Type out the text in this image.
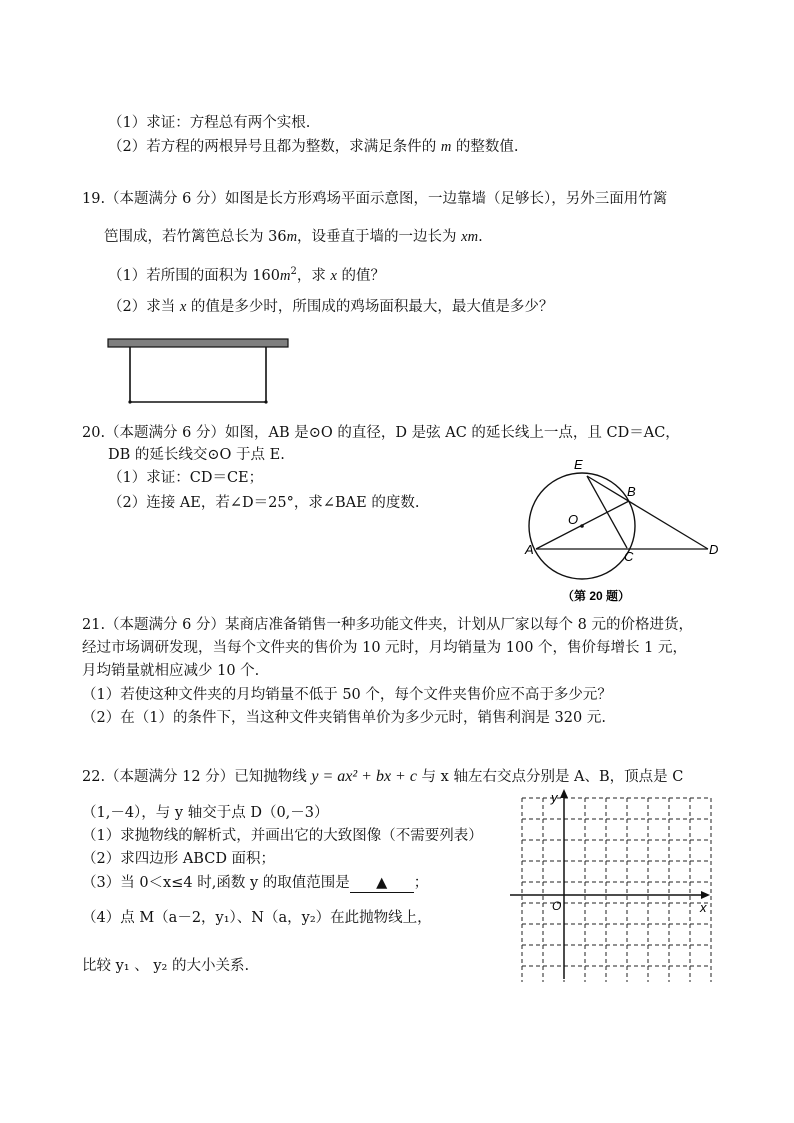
（1）求证：方程总有两个实根.
（2）若方程的两根异号且都为整数，求满足条件的 m 的整数值.
19.（本题满分 6 分）如图是长方形鸡场平面示意图，一边靠墙（足够长），另外三面用竹篱
笆围成，若竹篱笆总长为 36m，设垂直于墙的一边长为 xm.
（1）若所围的面积为 $160m^2$，求 x 的值？
（2）求当 x 的值是多少时，所围成的鸡场面积最大，最大值是多少？
20.（本题满分 6 分）如图，AB 是⊙O 的直径，D 是弦 AC 的延长线上一点，且 CD＝AC，
DB 的延长线交⊙O 于点 E.
（1）求证：CD＝CE；
（2）连接 AE，若∠D＝25°，求∠BAE 的度数.
E
B
O
A	C	D
（第 20 题）
21.（本题满分 6 分）某商店准备销售一种多功能文件夹，计划从厂家以每个 8 元的价格进货，
经过市场调研发现，当每个文件夹的售价为 10 元时，月均销量为 100 个，售价每增长 1 元，
月均销量就相应减少 10 个.
（1）若使这种文件夹的月均销量不低于 50 个，每个文件夹售价应不高于多少元？
（2）在（1）的条件下，当这种文件夹销售单价为多少元时，销售利润是 320 元.
22.（本题满分 12 分）已知抛物线 y = ax² + bx + c 与 x 轴左右交点分别是 A、B，顶点是 C
（1,－4），与 y 轴交于点 D（0,－3）
（1）求抛物线的解析式，并画出它的大致图像（不需要列表）
（2）求四边形 ABCD 面积；
（3）当 0＜x≤4 时,函数 y 的取值范围是 ▲ ；
（4）点 M（a－2，y₁）、N（a，y₂）在此抛物线上，
比较 y₁ 、 y₂ 的大小关系.
x
y
O
